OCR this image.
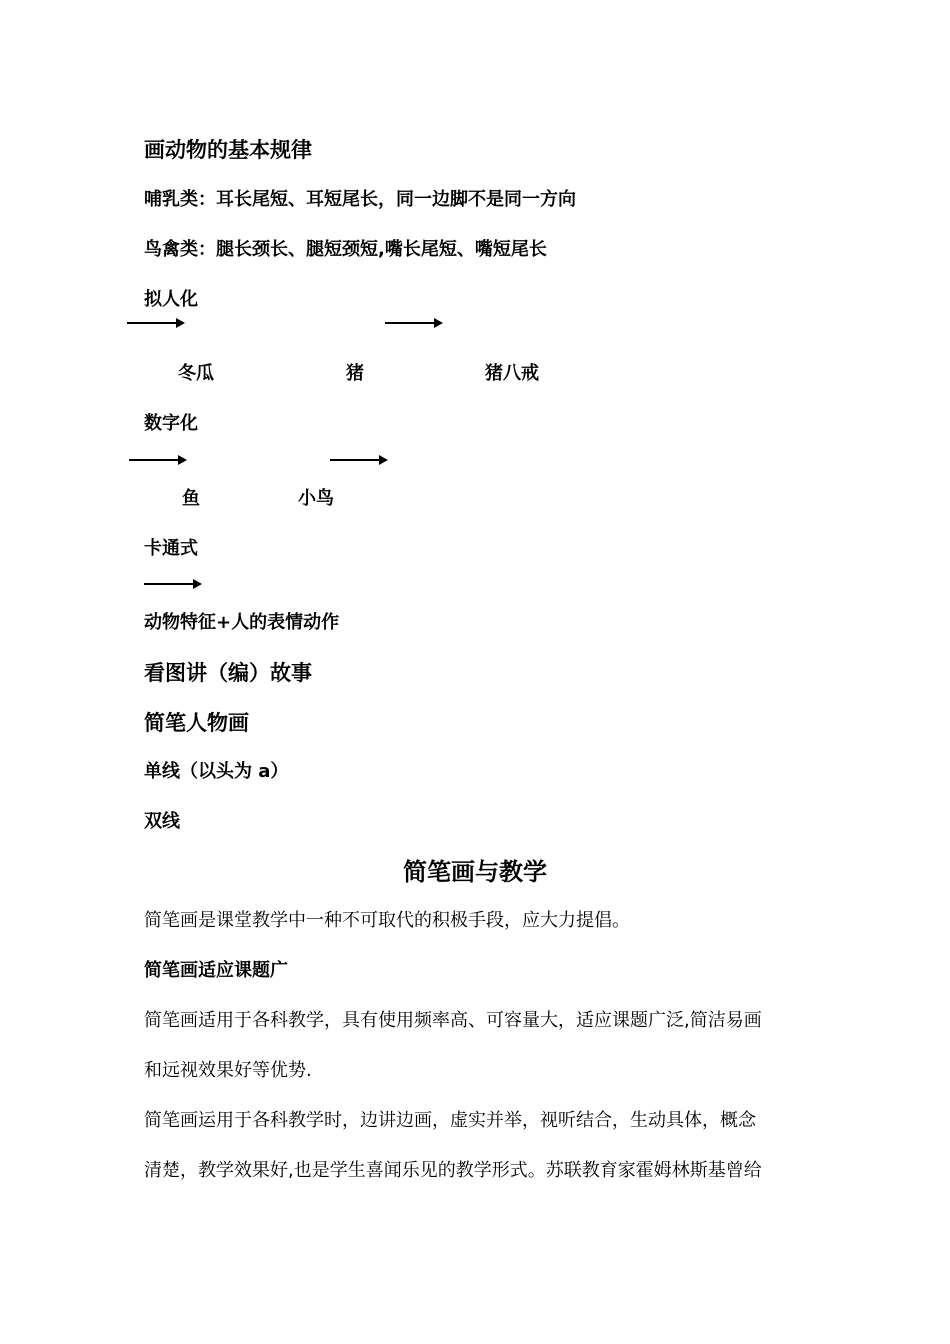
画动物的基本规律
哺乳类：耳长尾短、耳短尾长，同一边脚不是同一方向
鸟禽类：腿长颈长、腿短颈短,嘴长尾短、嘴短尾长
拟人化
冬瓜	猪	猪八戒
数字化
鱼	小鸟
卡通式
动物特征+人的表情动作
看图讲（编）故事
简笔人物画
单线（以头为 a）
双线
简笔画与教学
简笔画是课堂教学中一种不可取代的积极手段，应大力提倡。
简笔画适应课题广
简笔画适用于各科教学，具有使用频率高、可容量大，适应课题广泛,简洁易画
和远视效果好等优势.
简笔画运用于各科教学时，边讲边画，虚实并举，视听结合，生动具体，概念
清楚，教学效果好,也是学生喜闻乐见的教学形式。苏联教育家霍姆林斯基曾给
